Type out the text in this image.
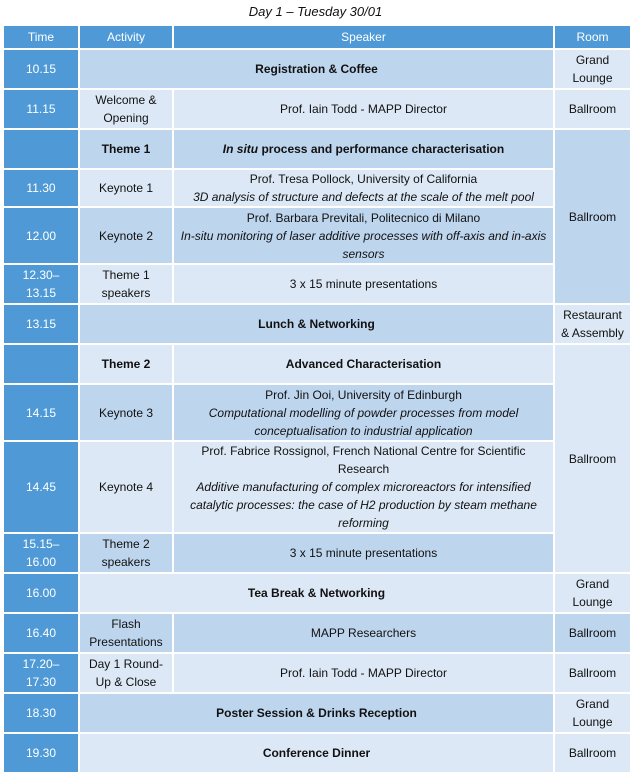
Day 1 – Tuesday 30/01
Time	Activity	Speaker	Room
10.15	Registration & Coffee		Grand Lounge
11.15	Welcome & Opening	Prof. Iain Todd - MAPP Director	Ballroom
	Theme 1	In situ process and performance characterisation	Ballroom
11.30	Keynote 1	Prof. Tresa Pollock, University of California
3D analysis of structure and defects at the scale of the melt pool	

12.00	Keynote 2	Prof. Barbara Previtali, Politecnico di Milano
In-situ monitoring of laser additive processes with off-axis and in-axis sensors	

12.30–13.15	Theme 1 speakers	3 x 15 minute presentations	
13.15	Lunch & Networking		Restaurant & Assembly
	Theme 2	Advanced Characterisation	Ballroom
14.15	Keynote 3	Prof. Jin Ooi, University of Edinburgh
Computational modelling of powder processes from model conceptualisation to industrial application	

14.45	Keynote 4	Prof. Fabrice Rossignol, French National Centre for Scientific Research
Additive manufacturing of complex microreactors for intensified catalytic processes: the case of H2 production by steam methane reforming	

15.15–16.00	Theme 2 speakers	3 x 15 minute presentations	
16.00	Tea Break & Networking		Grand Lounge
16.40	Flash Presentations	MAPP Researchers	Ballroom
17.20–17.30	Day 1 Round-Up & Close	Prof. Iain Todd - MAPP Director	Ballroom
18.30	Poster Session & Drinks Reception		Grand Lounge
19.30	Conference Dinner		Ballroom
